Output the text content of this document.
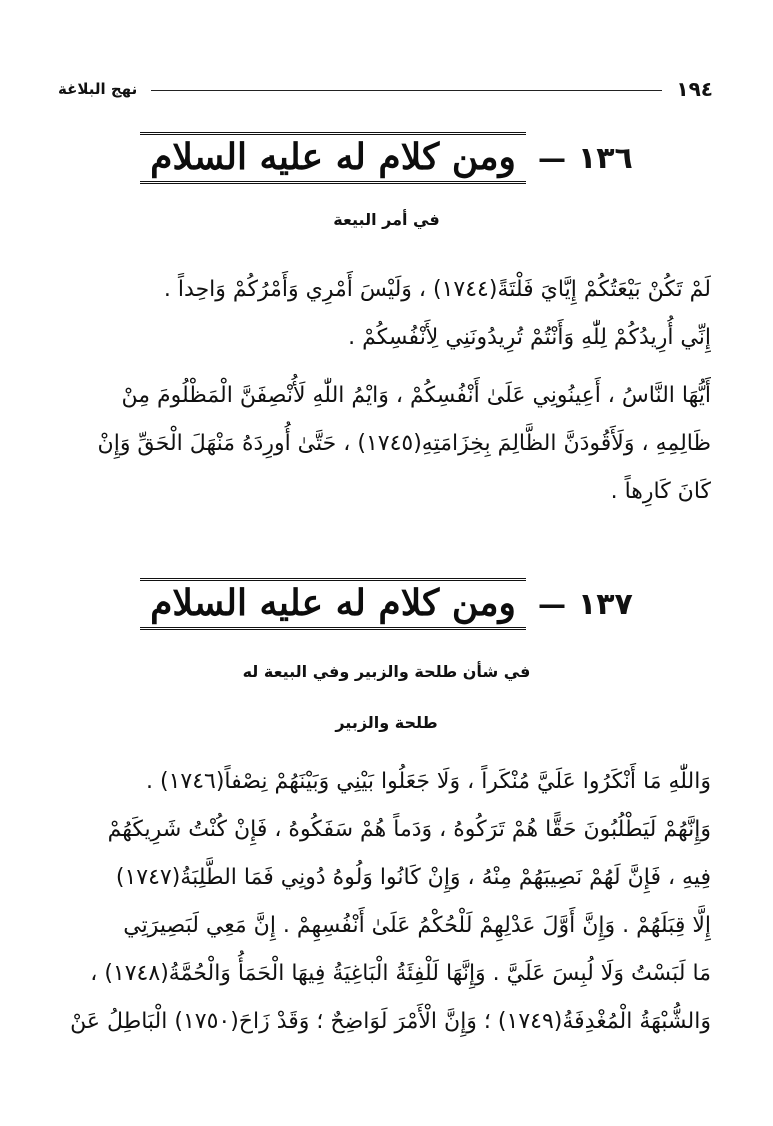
١٩٤
نهج البلاغة
١٣٦
—
ومن كلام له عليه السلام
في أمر البيعة
لَمْ تَكُنْ بَيْعَتُكُمْ إِيَّايَ فَلْتَةً(١٧٤٤) ، وَلَيْسَ أَمْرِي وَأَمْرُكُمْ وَاحِداً .
إِنِّي أُرِيدُكُمْ لِلّٰهِ وَأَنْتُمْ تُرِيدُونَنِي لِأَنْفُسِكُمْ .
أَيُّهَا النَّاسُ ، أَعِينُونِي عَلَىٰ أَنْفُسِكُمْ ، وَايْمُ اللّٰهِ لَأُنْصِفَنَّ الْمَظْلُومَ مِنْ
ظَالِمِهِ ، وَلَأَقُودَنَّ الظَّالِمَ بِخِزَامَتِهِ(١٧٤٥) ، حَتَّىٰ أُورِدَهُ مَنْهَلَ الْحَقِّ وَإِنْ
كَانَ كَارِهاً .
١٣٧
—
ومن كلام له عليه السلام
في شأن طلحة والزبير وفي البيعة له
طلحة والزبير
وَاللّٰهِ مَا أَنْكَرُوا عَلَيَّ مُنْكَراً ، وَلَا جَعَلُوا بَيْنِي وَبَيْنَهُمْ نِصْفاً(١٧٤٦) .
وَإِنَّهُمْ لَيَطْلُبُونَ حَقًّا هُمْ تَرَكُوهُ ، وَدَماً هُمْ سَفَكُوهُ ، فَإِنْ كُنْتُ شَرِيكَهُمْ
فِيهِ ، فَإِنَّ لَهُمْ نَصِيبَهُمْ مِنْهُ ، وَإِنْ كَانُوا وَلُوهُ دُونِي فَمَا الطَّلِبَةُ(١٧٤٧)
إِلَّا قِبَلَهُمْ . وَإِنَّ أَوَّلَ عَدْلِهِمْ لَلْحُكْمُ عَلَىٰ أَنْفُسِهِمْ . إِنَّ مَعِي لَبَصِيرَتِي
مَا لَبَسْتُ وَلَا لُبِسَ عَلَيَّ . وَإِنَّهَا لَلْفِئَةُ الْبَاغِيَةُ فِيهَا الْحَمَأُ وَالْحُمَّةُ(١٧٤٨) ،
وَالشُّبْهَةُ الْمُغْدِفَةُ(١٧٤٩) ؛ وَإِنَّ الْأَمْرَ لَوَاضِحٌ ؛ وَقَدْ زَاحَ(١٧٥٠) الْبَاطِلُ عَنْ
